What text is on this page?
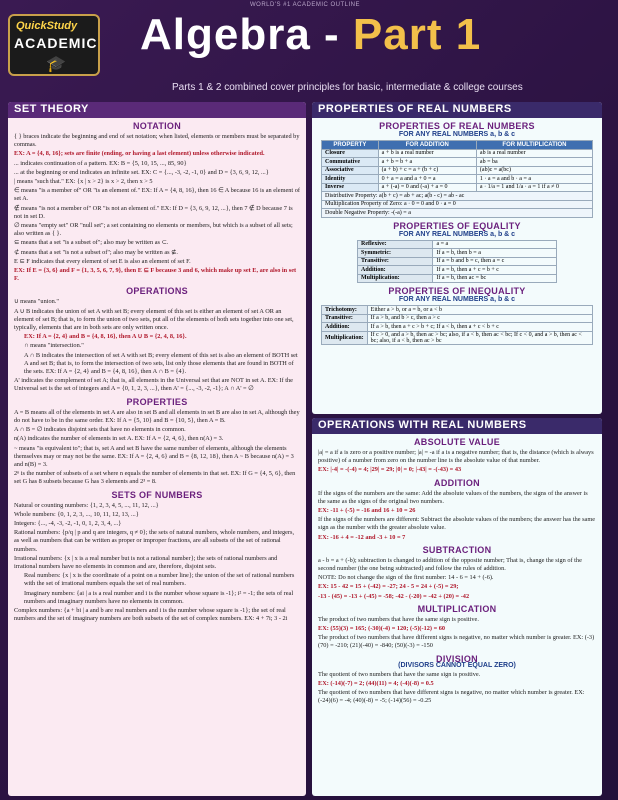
WORLD'S #1 ACADEMIC OUTLINE
QuickStudy
ACADEMIC
🎓
Algebra - Part 1
Parts 1 & 2 combined cover principles for basic, intermediate & college courses
SET THEORY
NOTATION

{ } braces indicate the beginning and end of set notation; when listed, elements or members must be separated by commas.

EX: A = {4, 8, 16}; sets are finite (ending, or having a last element) unless otherwise indicated.

... indicates continuation of a pattern. EX: B = {5, 10, 15, ..., 85, 90}

... at the beginning or end indicates an infinite set. EX: C = {..., -3, -2, -1, 0} and D = {3, 6, 9, 12, ...}

| means "such that." EX: {x | x > 2} is x > 2, then x > 5

∈ means "is a member of" OR "is an element of." EX: If A = {4, 8, 16}, then 16 ∈ A because 16 is an element of set A.

∉ means "is not a member of" OR "is not an element of." EX: If D = {3, 6, 9, 12, ...}, then 7 ∉ D because 7 is not in set D.

∅ means "empty set" OR "null set"; a set containing no elements or members, but which is a subset of all sets; also written as { }.

⊆ means that a set "is a subset of"; also may be written as ⊂.

⊄ means that a set "is not a subset of"; also may be written as ⊈.

E ⊆ F indicates that every element of set E is also an element of set F.

EX: If E = {3, 6} and F = {1, 3, 5, 6, 7, 9}, then E ⊆ F because 3 and 6, which make up set E, are also in set F.

OPERATIONS

∪ means "union."

A ∪ B indicates the union of set A with set B; every element of this set is either an element of set A OR an element of set B; that is, to form the union of two sets, put all of the elements of both sets together into one set, typically, elements that are in both sets are only written once.

EX: If A = {2, 4} and B = {4, 8, 16}, then A ∪ B = {2, 4, 8, 16}.

∩ means "intersection."

A ∩ B indicates the intersection of set A with set B; every element of this set is also an element of BOTH set A and set B; that is, to form the intersection of two sets, list only those elements that are found in BOTH of the sets. EX: If A = {2, 4} and B = {4, 8, 16}, then A ∩ B = {4}.

A' indicates the complement of set A; that is, all elements in the Universal set that are NOT in set A. EX: If the Universal set is the set of integers and A = {0, 1, 2, 3, ...}, then A' = {..., -3, -2, -1}; A ∩ A' = ∅

PROPERTIES

A = B means all of the elements in set A are also in set B and all elements in set B are also in set A, although they do not have to be in the same order. EX: If A = {5, 10} and B = {10, 5}, then A = B.

A ∩ B = ∅ indicates disjoint sets that have no elements in common.

n(A) indicates the number of elements in set A. EX: If A = {2, 4, 6}, then n(A) = 3.

~ means "is equivalent to"; that is, set A and set B have the same number of elements, although the elements themselves may or may not be the same. EX: If A = {2, 4, 6} and B = {8, 12, 18}, then A ~ B because n(A) = 3 and n(B) = 3.

2ⁿ is the number of subsets of a set where n equals the number of elements in that set. EX: If G = {4, 5, 6}, then set G has 8 subsets because G has 3 elements and 2³ = 8.

SETS OF NUMBERS

Natural or counting numbers: {1, 2, 3, 4, 5, ..., 11, 12, ...}

Whole numbers: {0, 1, 2, 3, ..., 10, 11, 12, 13, ...}

Integers: {..., -4, -3, -2, -1, 0, 1, 2, 3, 4, ...}

Rational numbers: {p/q | p and q are integers, q ≠ 0}; the sets of natural numbers, whole numbers, and integers, as well as numbers that can be written as proper or improper fractions, are all subsets of the set of rational numbers.

Irrational numbers: {x | x is a real number but is not a rational number}; the sets of rational numbers and irrational numbers have no elements in common and are, therefore, disjoint sets.

Real numbers: {x | x is the coordinate of a point on a number line}; the union of the set of rational numbers with the set of irrational numbers equals the set of real numbers.

Imaginary numbers: {ai | a is a real number and i is the number whose square is -1}; i² = -1; the sets of real numbers and imaginary numbers have no elements in common.

Complex numbers: {a + bi | a and b are real numbers and i is the number whose square is -1}; the set of real numbers and the set of imaginary numbers are both subsets of the set of complex numbers. EX: 4 + 7i; 3 - 2i

PROPERTIES OF REAL NUMBERS
PROPERTIES OF REAL NUMBERS
FOR ANY REAL NUMBERS a, b & c
PROPERTY	FOR ADDITION	FOR MULTIPLICATION
Closure	a + b is a real number	ab is a real number
Commutative	a + b = b + a	ab = ba
Associative	(a + b) + c = a + (b + c)	(ab)c = a(bc)
Identity	0 + a = a and a + 0 = a	1 · a = a and b · a = a
Inverse	a + (-a) = 0 and (-a) + a = 0	a · 1/a = 1 and 1/a · a = 1 if a ≠ 0
Distributive Property: a(b + c) = ab + ac; a(b - c) = ab - ac		
Multiplication Property of Zero: a · 0 = 0 and 0 · a = 0		
Double Negative Property: -(-a) = a		
PROPERTIES OF EQUALITY
FOR ANY REAL NUMBERS a, b & c
Reflexive:	a = a
Symmetric:	If a = b, then b = a
Transitive:	If a = b and b = c, then a = c
Addition:	If a = b, then a + c = b + c
Multiplication:	If a = b, then ac = bc
PROPERTIES OF INEQUALITY
FOR ANY REAL NUMBERS a, b & c
Trichotomy:	Either a > b, or a = b, or a < b
Transitive:	If a > b, and b > c, then a > c
Addition:	If a > b, then a + c > b + c; If a < b, then a + c < b + c
Multiplication:	If c > 0, and a > b, then ac > bc; also, if a < b, then ac < bc; If c < 0, and a > b, then ac < bc; also, if a < b, then ac > bc
OPERATIONS WITH REAL NUMBERS
ABSOLUTE VALUE

|a| = a if a is zero or a positive number; |a| = -a if a is a negative number; that is, the distance (which is always positive) of a number from zero on the number line is the absolute value of that number.

EX: |-4| = -(-4) = 4; |29| = 29; |0| = 0; |-43| = -(-43) = 43

ADDITION

If the signs of the numbers are the same: Add the absolute values of the numbers, the signs of the answer is the same as the signs of the original two numbers.

EX: -11 + (-5) = -16 and 16 + 10 = 26

If the signs of the numbers are different: Subtract the absolute values of the numbers; the answer has the same sign as the number with the greater absolute value.

EX: -16 + 4 = -12 and -3 + 10 = 7

SUBTRACTION

a - b = a + (-b); subtraction is changed to addition of the opposite number; That is, change the sign of the second number (the one being subtracted) and follow the rules of addition.

NOTE: Do not change the sign of the first number: 14 - 6 = 14 + (-6).

EX: 15 - 42 = 15 + (-42) = -27; 24 - 5 = 24 + (-5) = 29;

-13 - (45) = -13 + (-45) = -58; -42 - (-20) = -42 + (20) = -42

MULTIPLICATION

The product of two numbers that have the same sign is positive.

EX: (55)(3) = 165; (-30)(-4) = 120; (-5)(-12) = 60

The product of two numbers that have different signs is negative, no matter which number is greater. EX: (-3)(70) = -210; (21)(-40) = -840; (50)(-3) = -150

DIVISION
(DIVISORS CANNOT EQUAL ZERO)

The quotient of two numbers that have the same sign is positive.

EX: (-14)(-7) = 2; (44)(11) = 4; (-4)(-8) = 0.5

The quotient of two numbers that have different signs is negative, no matter which number is greater. EX: (-24)(6) = -4; (40)(-8) = -5; (-14)(56) = -0.25
